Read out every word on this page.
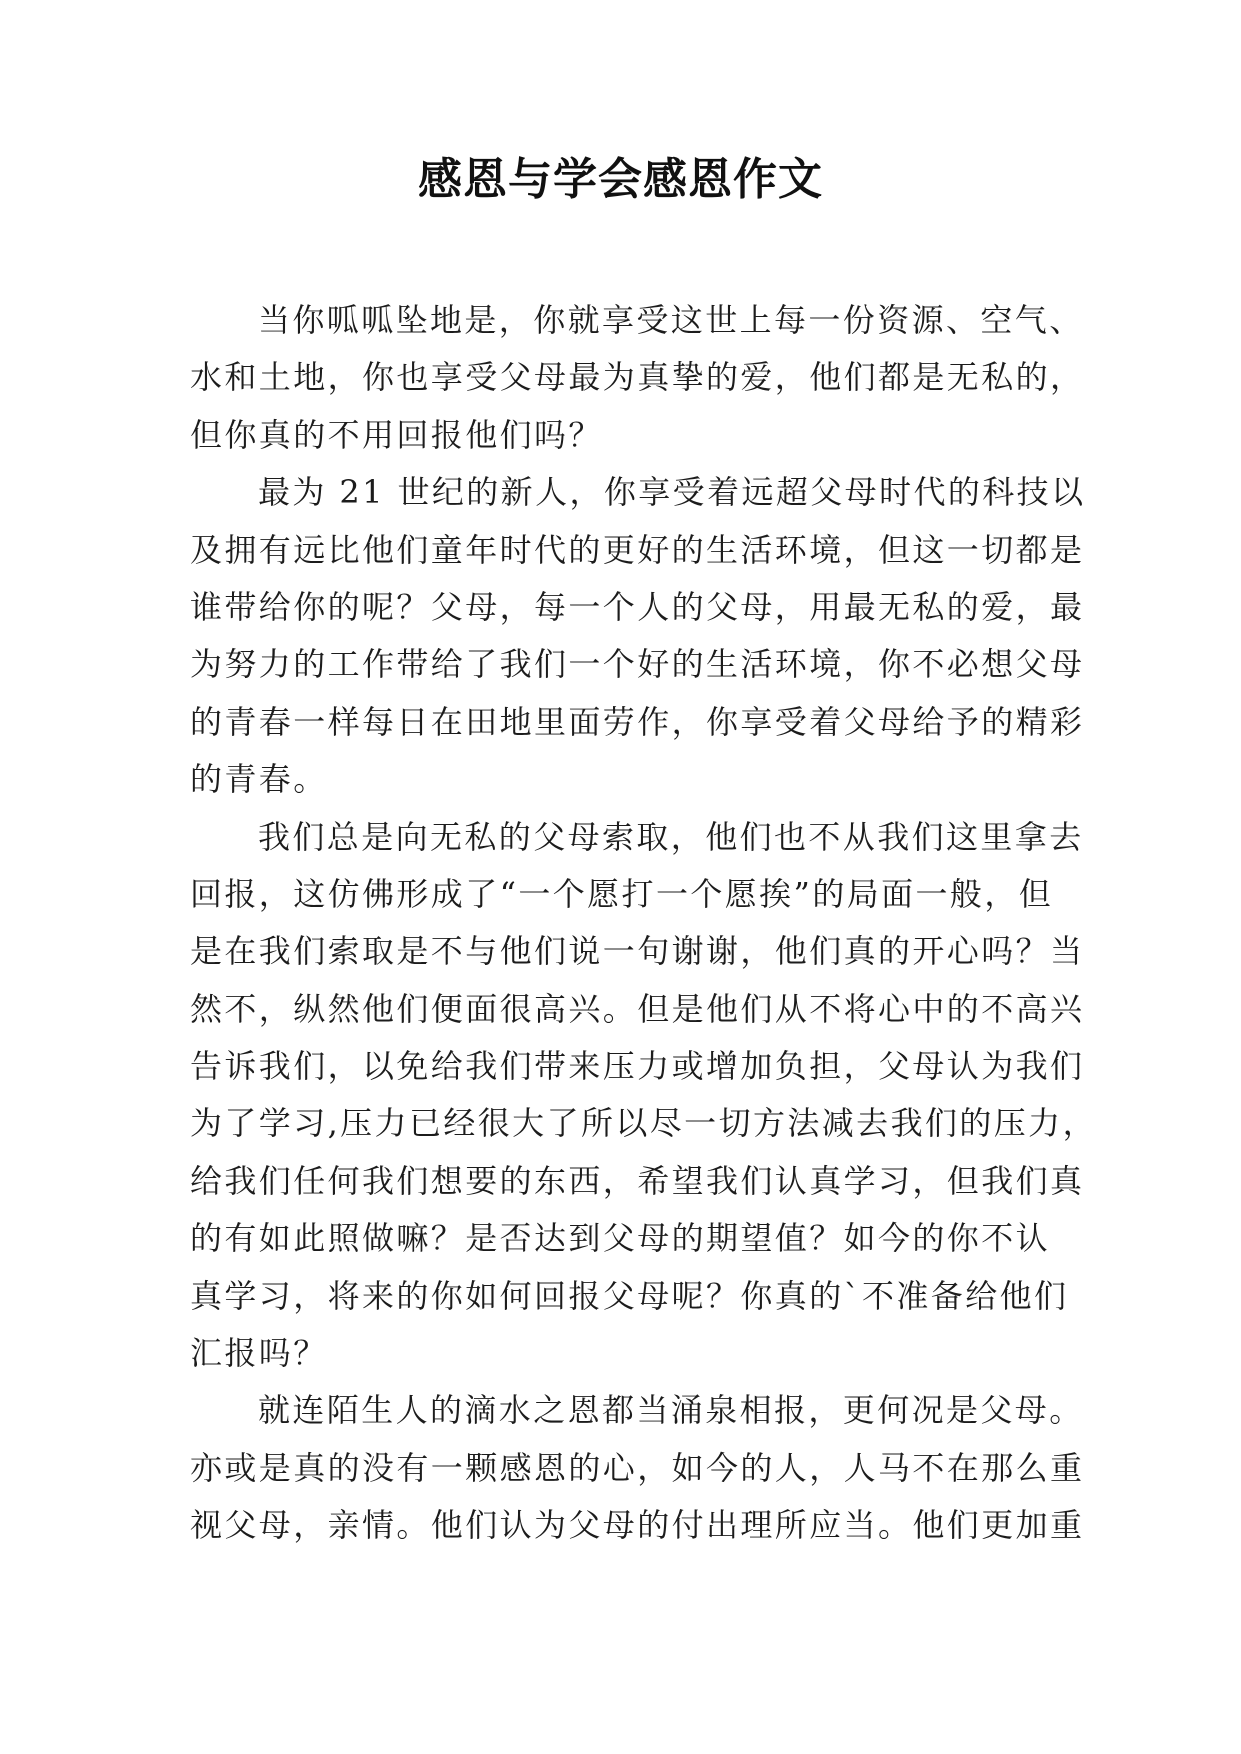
感恩与学会感恩作文
当你呱呱坠地是，你就享受这世上每一份资源、空气、
水和土地，你也享受父母最为真挚的爱，他们都是无私的，
但你真的不用回报他们吗？
最为 21 世纪的新人，你享受着远超父母时代的科技以
及拥有远比他们童年时代的更好的生活环境，但这一切都是
谁带给你的呢？父母，每一个人的父母，用最无私的爱，最
为努力的工作带给了我们一个好的生活环境，你不必想父母
的青春一样每日在田地里面劳作，你享受着父母给予的精彩
的青春。
我们总是向无私的父母索取，他们也不从我们这里拿去
回报，这仿佛形成了“一个愿打一个愿挨”的局面一般，但
是在我们索取是不与他们说一句谢谢，他们真的开心吗？当
然不，纵然他们便面很高兴。但是他们从不将心中的不高兴
告诉我们，以免给我们带来压力或增加负担，父母认为我们
为了学习,压力已经很大了所以尽一切方法减去我们的压力，
给我们任何我们想要的东西，希望我们认真学习，但我们真
的有如此照做嘛？是否达到父母的期望值？如今的你不认
真学习，将来的你如何回报父母呢？你真的`不准备给他们
汇报吗？
就连陌生人的滴水之恩都当涌泉相报，更何况是父母。
亦或是真的没有一颗感恩的心，如今的人，人马不在那么重
视父母，亲情。他们认为父母的付出理所应当。他们更加重
